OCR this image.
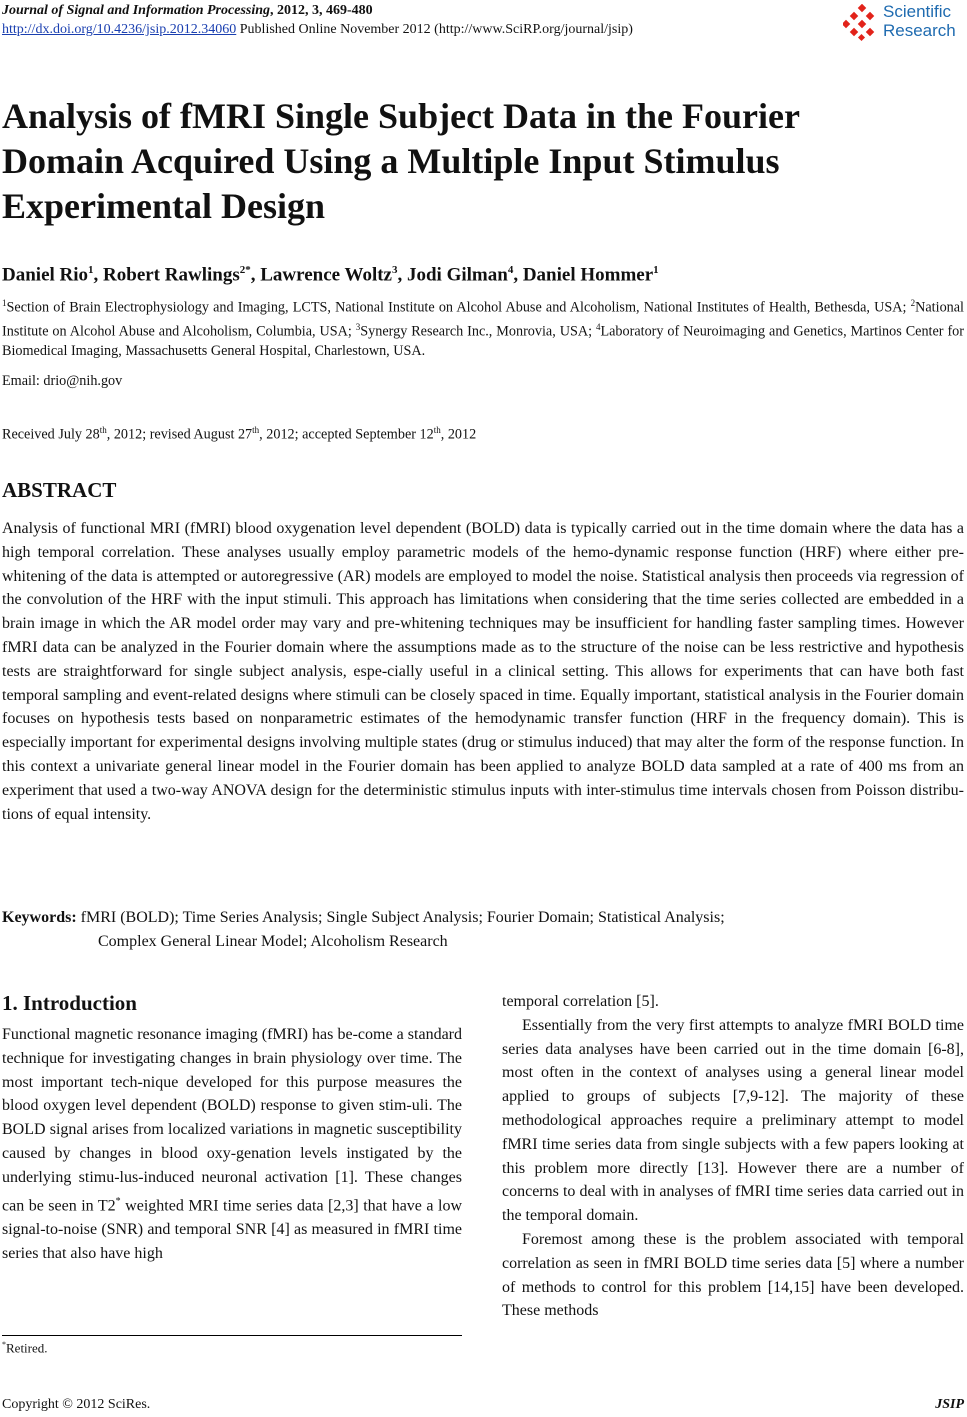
Journal of Signal and Information Processing, 2012, 3, 469-480
http://dx.doi.org/10.4236/jsip.2012.34060 Published Online November 2012 (http://www.SciRP.org/journal/jsip)
Scientific
Research
Analysis of fMRI Single Subject Data in the Fourier
Domain Acquired Using a Multiple Input Stimulus
Experimental Design
Daniel Rio$^1$, Robert Rawlings$^{2*}$, Lawrence Woltz$^3$, Jodi Gilman$^4$, Daniel Hommer$^1$
$^1$Section of Brain Electrophysiology and Imaging, LCTS, National Institute on Alcohol Abuse and Alcoholism, National Institutes of Health, Bethesda, USA; $^2$National Institute on Alcohol Abuse and Alcoholism, Columbia, USA; $^3$Synergy Research Inc., Monrovia, USA; $^4$Laboratory of Neuroimaging and Genetics, Martinos Center for Biomedical Imaging, Massachusetts General Hospital, Charlestown, USA.
Email: drio@nih.gov
Received July 28th, 2012; revised August 27th, 2012; accepted September 12th, 2012
ABSTRACT
Analysis of functional MRI (fMRI) blood oxygenation level dependent (BOLD) data is typically carried out in the time domain where the data has a high temporal correlation. These analyses usually employ parametric models of the hemo-dynamic response function (HRF) where either pre-whitening of the data is attempted or autoregressive (AR) models are employed to model the noise. Statistical analysis then proceeds via regression of the convolution of the HRF with the input stimuli. This approach has limitations when considering that the time series collected are embedded in a brain image in which the AR model order may vary and pre-whitening techniques may be insufficient for handling faster sampling times. However fMRI data can be analyzed in the Fourier domain where the assumptions made as to the structure of the noise can be less restrictive and hypothesis tests are straightforward for single subject analysis, espe-cially useful in a clinical setting. This allows for experiments that can have both fast temporal sampling and event-related designs where stimuli can be closely spaced in time. Equally important, statistical analysis in the Fourier domain focuses on hypothesis tests based on nonparametric estimates of the hemodynamic transfer function (HRF in the frequency domain). This is especially important for experimental designs involving multiple states (drug or stimulus induced) that may alter the form of the response function. In this context a univariate general linear model in the Fourier domain has been applied to analyze BOLD data sampled at a rate of 400 ms from an experiment that used a two-way ANOVA design for the deterministic stimulus inputs with inter-stimulus time intervals chosen from Poisson distribu-tions of equal intensity.
Keywords: fMRI (BOLD); Time Series Analysis; Single Subject Analysis; Fourier Domain; Statistical Analysis;
Complex General Linear Model; Alcoholism Research
1. Introduction

Functional magnetic resonance imaging (fMRI) has be-come a standard technique for investigating changes in brain physiology over time. The most important tech-nique developed for this purpose measures the blood oxygen level dependent (BOLD) response to given stim-uli. The BOLD signal arises from localized variations in magnetic susceptibility caused by changes in blood oxy-genation levels instigated by the underlying stimu-lus-induced neuronal activation [1]. These changes can be seen in T2* weighted MRI time series data [2,3] that have a low signal-to-noise (SNR) and temporal SNR [4] as measured in fMRI time series that also have high

temporal correlation [5].

Essentially from the very first attempts to analyze fMRI BOLD time series data analyses have been carried out in the time domain [6-8], most often in the context of analyses using a general linear model applied to groups of subjects [7,9-12]. The majority of these methodological approaches require a preliminary attempt to model fMRI time series data from single subjects with a few papers looking at this problem more directly [13]. However there are a number of concerns to deal with in analyses of fMRI time series data carried out in the temporal domain.

Foremost among these is the problem associated with temporal correlation as seen in fMRI BOLD time series data [5] where a number of methods to control for this problem [14,15] have been developed. These methods

*Retired.
Copyright © 2012 SciRes.	JSIP
